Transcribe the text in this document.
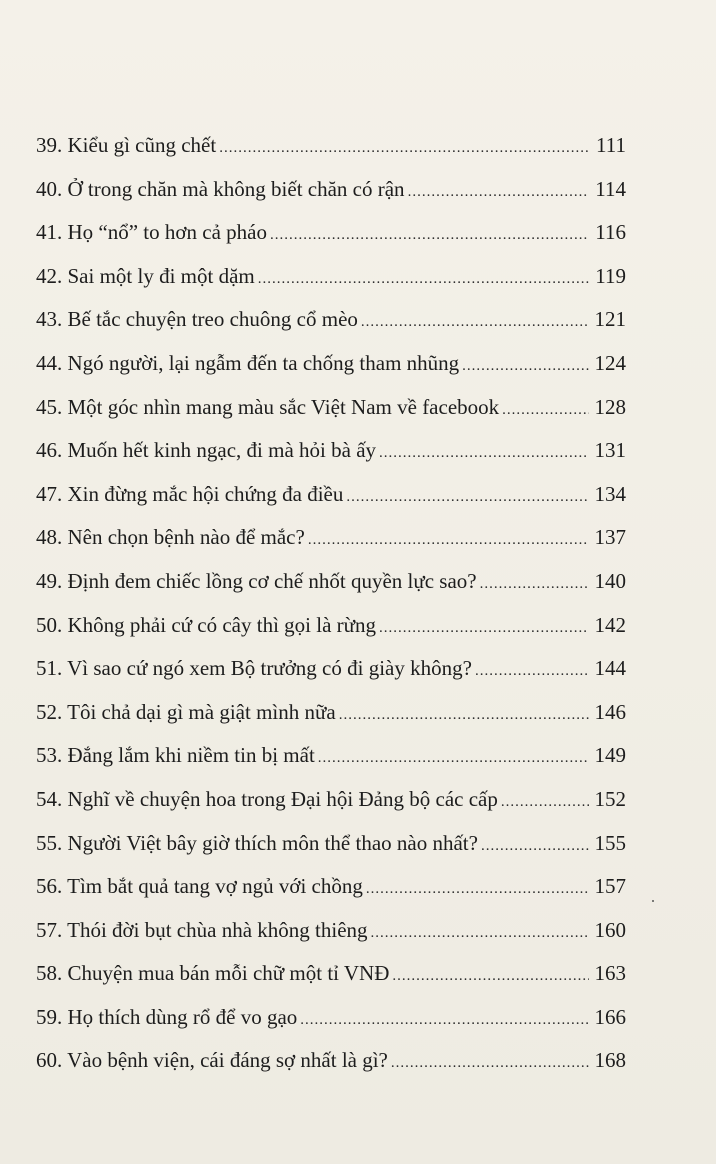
39. Kiểu gì cũng chết .....	111
40. Ở trong chăn mà không biết chăn có rận .....	114
41. Họ “nổ” to hơn cả pháo .....	116
42. Sai một ly đi một dặm .....	119
43. Bế tắc chuyện treo chuông cổ mèo .....	121
44. Ngó người, lại ngẫm đến ta chống tham nhũng .....	124
45. Một góc nhìn mang màu sắc Việt Nam về facebook .....	128
46. Muốn hết kinh ngạc, đi mà hỏi bà ấy .....	131
47. Xin đừng mắc hội chứng đa điều .....	134
48. Nên chọn bệnh nào để mắc? .....	137
49. Định đem chiếc lồng cơ chế nhốt quyền lực sao? .....	140
50. Không phải cứ có cây thì gọi là rừng .....	142
51. Vì sao cứ ngó xem Bộ trưởng có đi giày không? .....	144
52. Tôi chả dại gì mà giật mình nữa .....	146
53. Đắng lắm khi niềm tin bị mất .....	149
54. Nghĩ về chuyện hoa trong Đại hội Đảng bộ các cấp .....	152
55. Người Việt bây giờ thích môn thể thao nào nhất? .....	155
56. Tìm bắt quả tang vợ ngủ với chồng .....	157
57. Thói đời bụt chùa nhà không thiêng .....	160
58. Chuyện mua bán mỗi chữ một tỉ VNĐ .....	163
59. Họ thích dùng rổ để vo gạo .....	166
60. Vào bệnh viện, cái đáng sợ nhất là gì? .....	168
